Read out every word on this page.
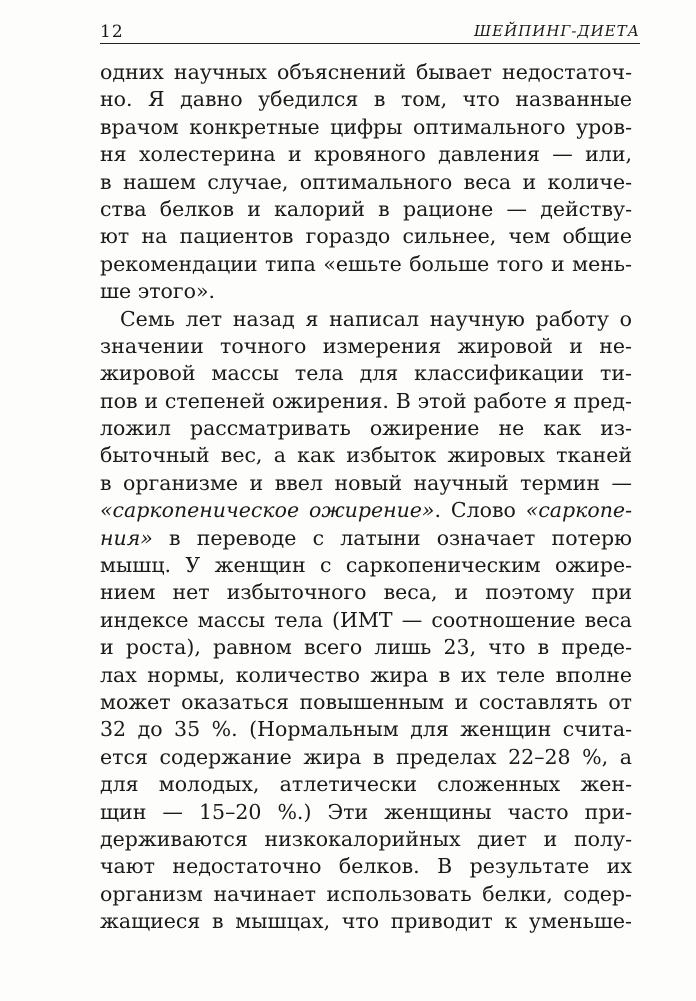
12	ШЕЙПИНГ-ДИЕТА
одних научных объяснений бывает недостаточ-
но. Я давно убедился в том, что названные
врачом конкретные цифры оптимального уров-
ня холестерина и кровяного давления — или,
в нашем случае, оптимального веса и количе-
ства белков и калорий в рационе — действу-
ют на пациентов гораздо сильнее, чем общие
рекомендации типа «ешьте больше того и мень-
ше этого».
Семь лет назад я написал научную работу о
значении точного измерения жировой и не-
жировой массы тела для классификации ти-
пов и степеней ожирения. В этой работе я пред-
ложил рассматривать ожирение не как из-
быточный вес, а как избыток жировых тканей
в организме и ввел новый научный термин —
«саркопеническое ожирение». Слово «саркопе-
ния» в переводе с латыни означает потерю
мышц. У женщин с саркопеническим ожире-
нием нет избыточного веса, и поэтому при
индексе массы тела (ИМТ — соотношение веса
и роста), равном всего лишь 23, что в преде-
лах нормы, количество жира в их теле вполне
может оказаться повышенным и составлять от
32 до 35 %. (Нормальным для женщин счита-
ется содержание жира в пределах 22–28 %, а
для молодых, атлетически сложенных жен-
щин — 15–20 %.) Эти женщины часто при-
держиваются низкокалорийных диет и полу-
чают недостаточно белков. В результате их
организм начинает использовать белки, содер-
жащиеся в мышцах, что приводит к уменьше-
